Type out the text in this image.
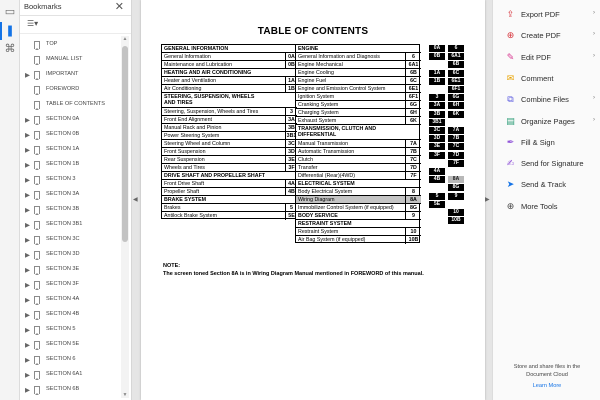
▭
❚
⌘
Bookmarks	✕
☰▾
TOP
MANUAL LIST
▶	IMPORTANT
FOREWORD
TABLE OF CONTENTS
▶	SECTION 0A
▶	SECTION 0B
▶	SECTION 1A
▶	SECTION 1B
▶	SECTION 3
▶	SECTION 3A
▶	SECTION 3B
▶	SECTION 3B1
▶	SECTION 3C
▶	SECTION 3D
▶	SECTION 3E
▶	SECTION 3F
▶	SECTION 4A
▶	SECTION 4B
▶	SECTION 5
▶	SECTION 5E
▶	SECTION 6
▶	SECTION 6A1
▶	SECTION 6B
▲
▼
◀
TABLE OF CONTENTS
GENERAL INFORMATION
General Information	0A
Maintenance and Lubrication	0B
HEATING AND AIR CONDITIONING
Heater and Ventilation	1A
Air Conditioning	1B
STEERING, SUSPENSION, WHEELS
AND TIRES
Steering, Suspension, Wheels and Tires	3
Front End Alignment	3A
Manual Rack and Pinion	3B
Power Steering System	3B1
Steering Wheel and Column	3C
Front Suspension	3D
Rear Suspension	3E
Wheels and Tires	3F
DRIVE SHAFT AND PROPELLER SHAFT
Front Drive Shaft	4A
Propeller Shaft	4B
BRAKE SYSTEM
Brakes	5
Antilock Brake System	5E
ENGINE
General Information and Diagnosis	6
Engine Mechanical	6A1
Engine Cooling	6B
Engine Fuel	6C
Engine and Emission Control System	6E1
Ignition System	6F1
Cranking System	6G
Charging System	6H
Exhaust System	6K
TRANSMISSION, CLUTCH AND
DIFFERENTIAL
Manual Transmission	7A
Automatic Transmission	7B
Clutch	7C
Transfer	7D
Differential (Rear)(4WD)	7F
ELECTRICAL SYSTEM
Body Electrical System	8
Wiring Diagram	8A
Immobilizer Control System (if equipped)	8G
BODY SERVICE	9
RESTRAINT SYSTEM
Restraint System	10
Air Bag System (if equipped)	10B
0A
0B
1A
1B
3
3A
3B
3B1
3C
3D
3E
3F
4A
4B
5
5E
6
6A1
6B
6C
6E1
6F1
6G
6H
6K
7A
7B
7C
7D
7F
8A
8G
9
10
10B
NOTE:
The screen toned Section 8A is in Wiring Diagram Manual mentioned in FOREWORD of this manual.
▶
⇪ Export PDF	›
⊕ Create PDF	›
✎ Edit PDF	›
✉ Comment
⧉ Combine Files	›
▤ Organize Pages	›
✒ Fill & Sign
✍ Send for Signature
➤ Send & Track
⊕ More Tools
Store and share files in the
Document Cloud
Learn More
